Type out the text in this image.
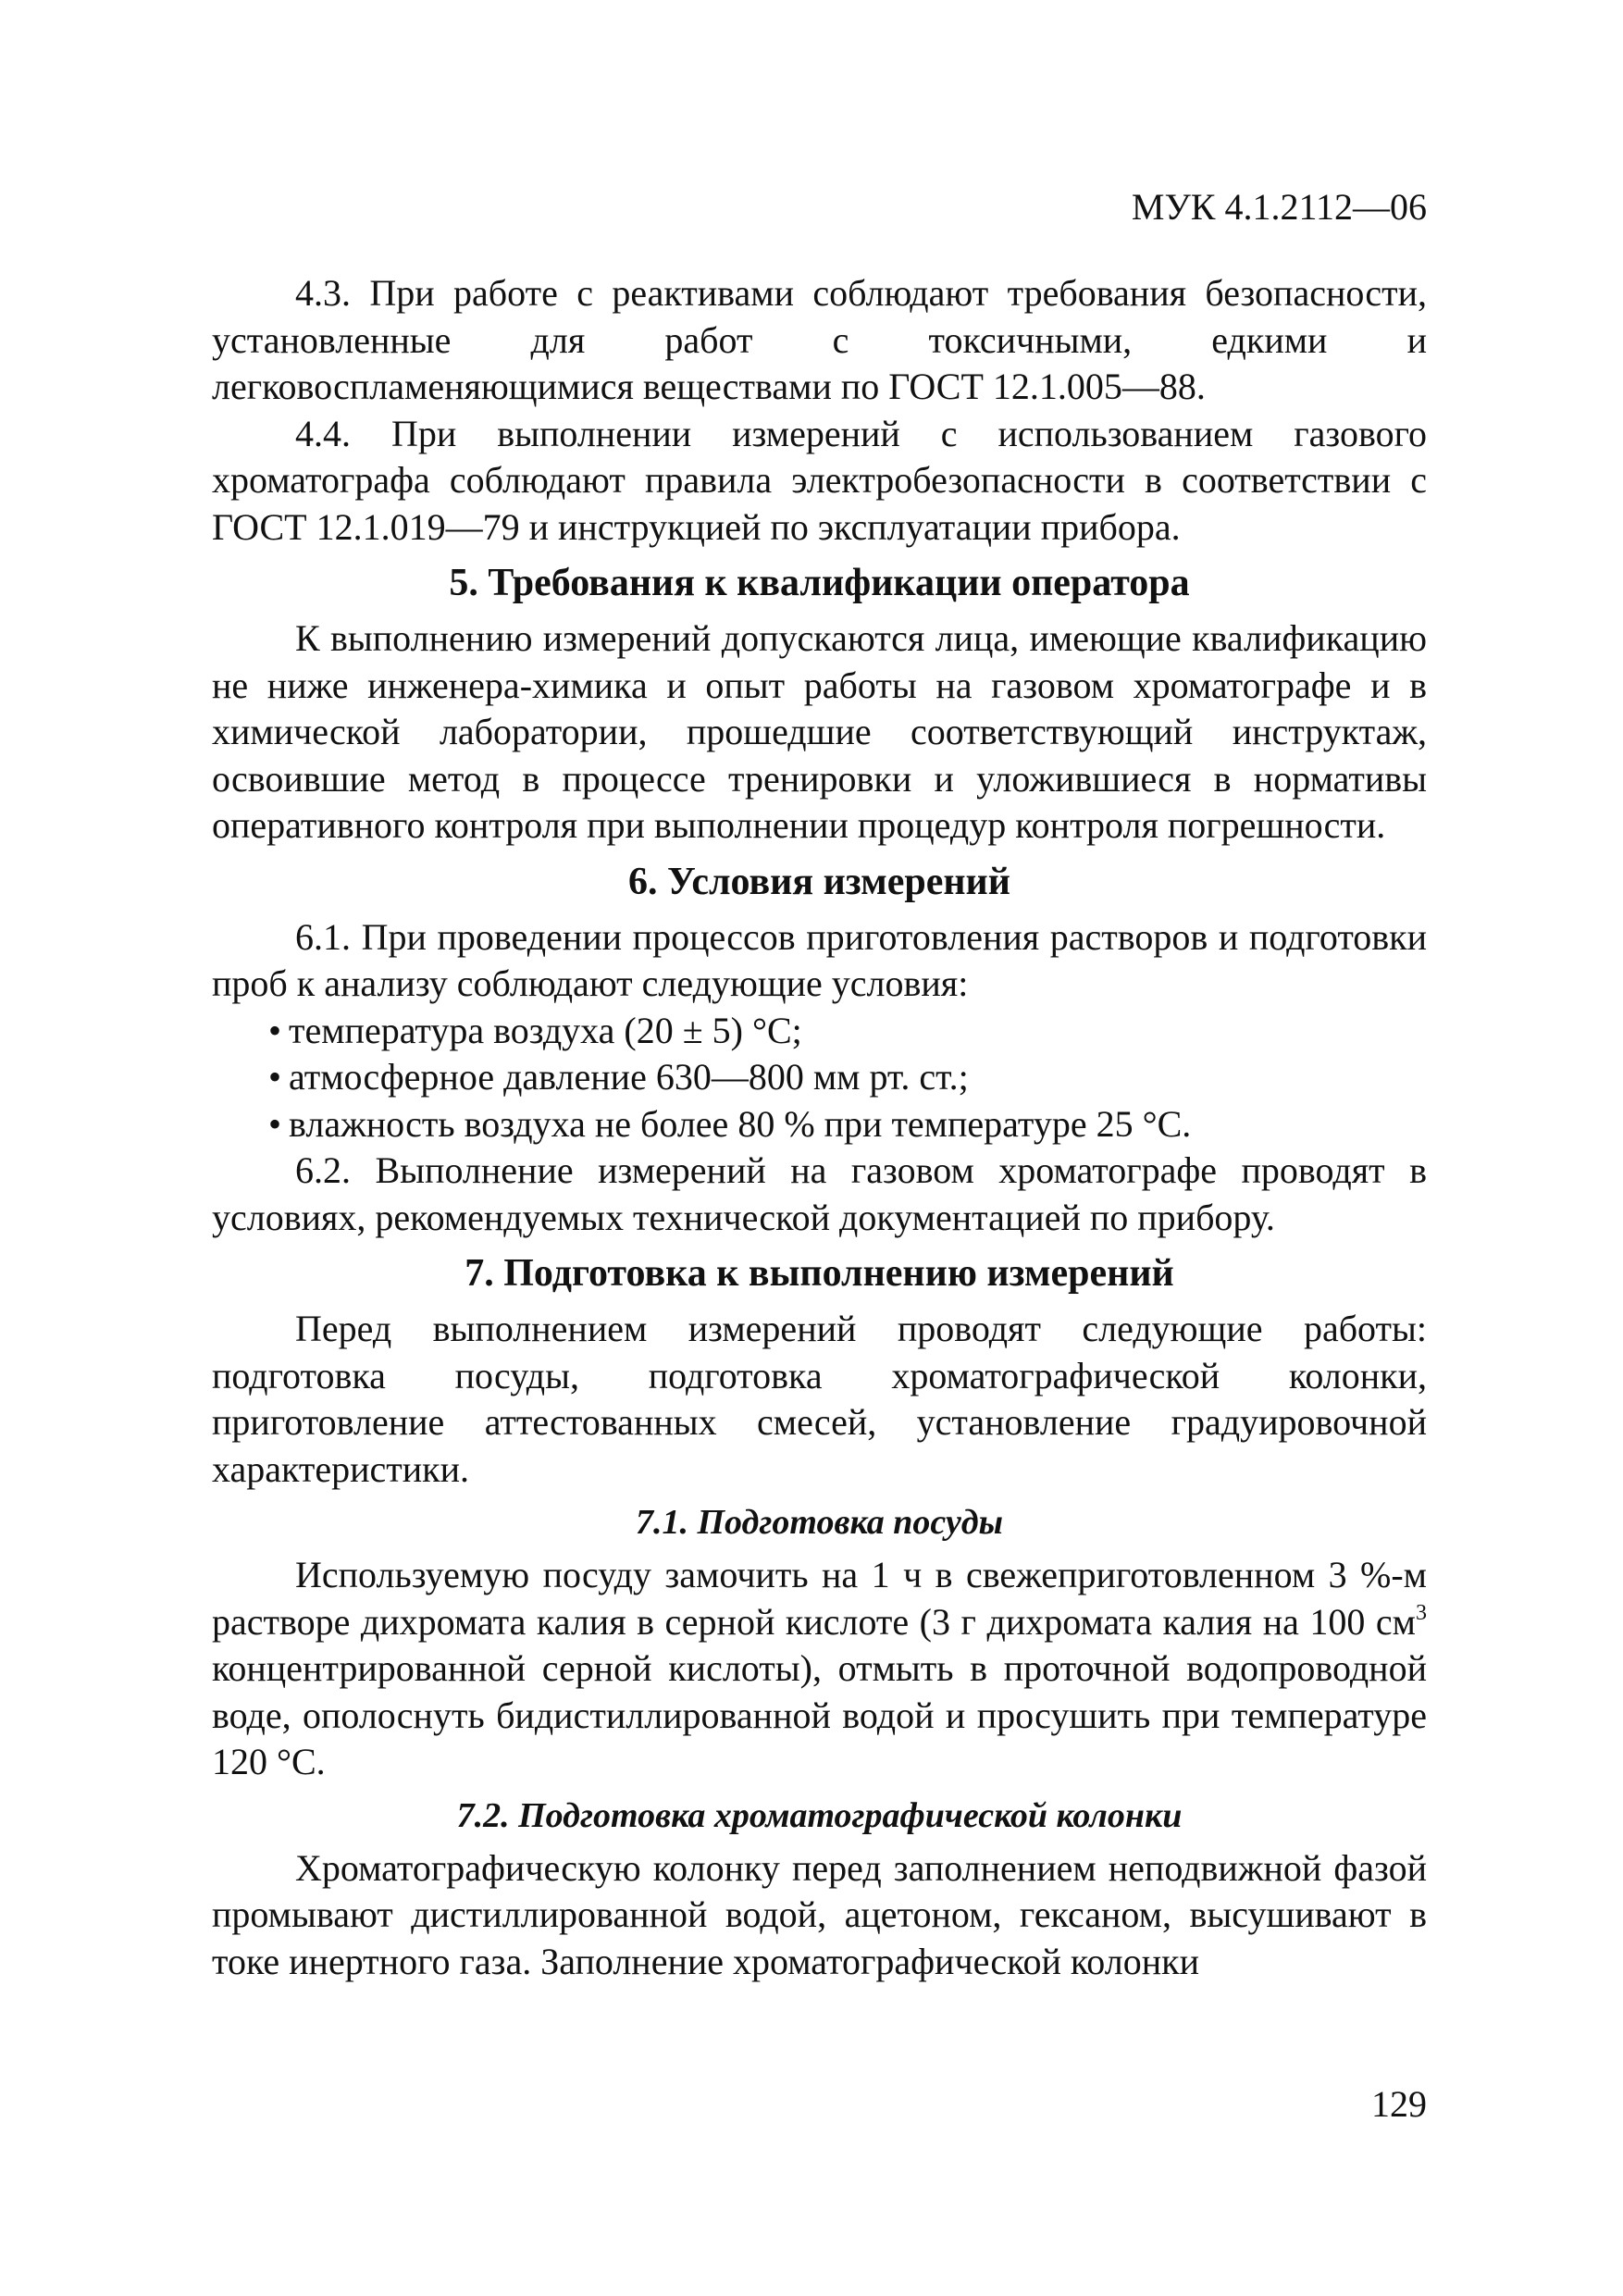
МУК 4.1.2112—06

4.3. При работе с реактивами соблюдают требования безопасности, установленные для работ с токсичными, едкими и легковоспламеняющимися веществами по ГОСТ 12.1.005—88.

4.4. При выполнении измерений с использованием газового хроматографа соблюдают правила электробезопасности в соответствии с ГОСТ 12.1.019—79 и инструкцией по эксплуатации прибора.

5. Требования к квалификации оператора

К выполнению измерений допускаются лица, имеющие квалификацию не ниже инженера-химика и опыт работы на газовом хроматографе и в химической лаборатории, прошедшие соответствующий инструктаж, освоившие метод в процессе тренировки и уложившиеся в нормативы оперативного контроля при выполнении процедур контроля погрешности.

6. Условия измерений

6.1. При проведении процессов приготовления растворов и подготовки проб к анализу соблюдают следующие условия:

• температура воздуха (20 ± 5) °С;
• атмосферное давление 630—800 мм рт. ст.;
• влажность воздуха не более 80 % при температуре 25 °С.

6.2. Выполнение измерений на газовом хроматографе проводят в условиях, рекомендуемых технической документацией по прибору.

7. Подготовка к выполнению измерений

Перед выполнением измерений проводят следующие работы: подготовка посуды, подготовка хроматографической колонки, приготовление аттестованных смесей, установление градуировочной характеристики.

7.1. Подготовка посуды

Используемую посуду замочить на 1 ч в свежеприготовленном 3 %-м растворе дихромата калия в серной кислоте (3 г дихромата калия на 100 $см^3$ концентрированной серной кислоты), отмыть в проточной водопроводной воде, ополоснуть бидистиллированной водой и просушить при температуре 120 °С.

7.2. Подготовка хроматографической колонки

Хроматографическую колонку перед заполнением неподвижной фазой промывают дистиллированной водой, ацетоном, гексаном, высушивают в токе инертного газа. Заполнение хроматографической колонки

129
